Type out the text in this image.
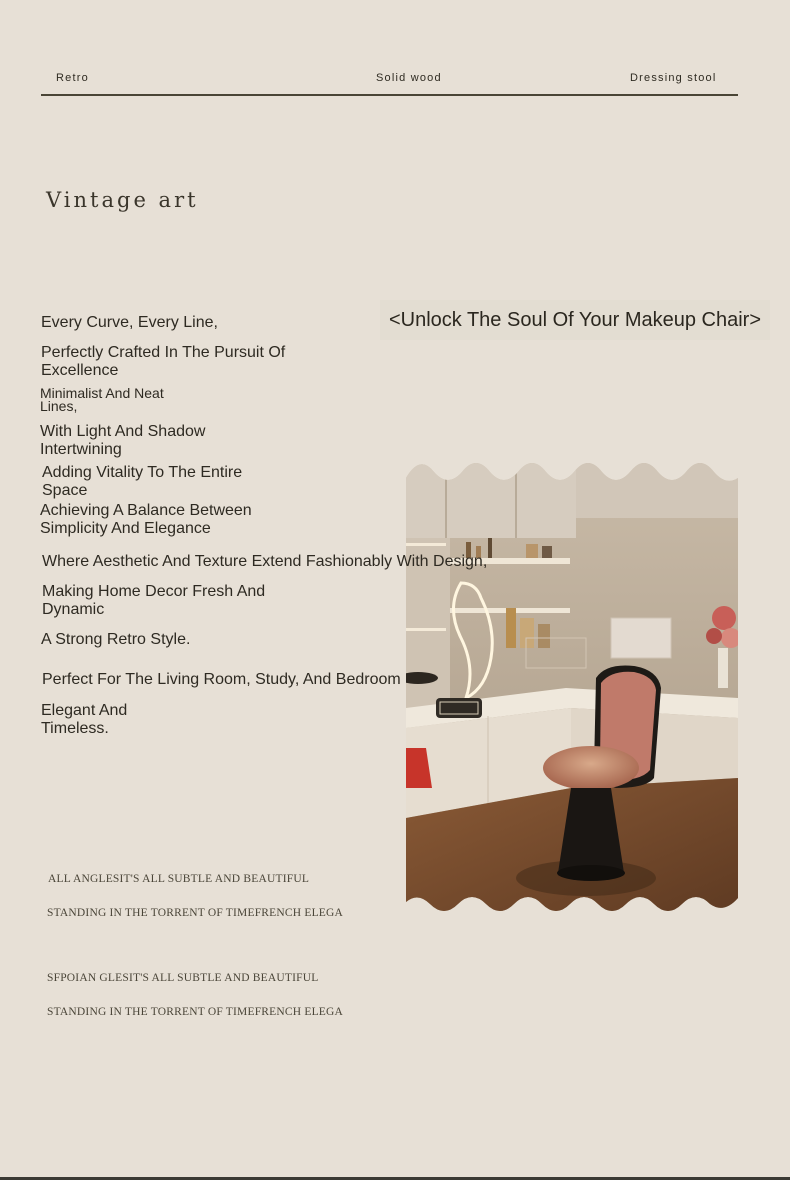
Retro	Solid wood	Dressing stool
Vintage art
<Unlock The Soul Of Your Makeup Chair>
Every Curve, Every Line,
Perfectly Crafted In The Pursuit Of
Excellence
Minimalist And Neat
Lines,
With Light And Shadow
Intertwining
Adding Vitality To The Entire
Space
Achieving A Balance Between
Simplicity And Elegance
Where Aesthetic And Texture Extend Fashionably With Design,
Making Home Decor Fresh And
Dynamic
A Strong Retro Style.
Perfect For The Living Room, Study, And Bedroom
Elegant And
Timeless.
ALL ANGLESIT'S ALL SUBTLE AND BEAUTIFUL
STANDING IN THE TORRENT OF TIMEFRENCH ELEGA
SFPOIAN GLESIT'S ALL SUBTLE AND BEAUTIFUL
STANDING IN THE TORRENT OF TIMEFRENCH ELEGA
